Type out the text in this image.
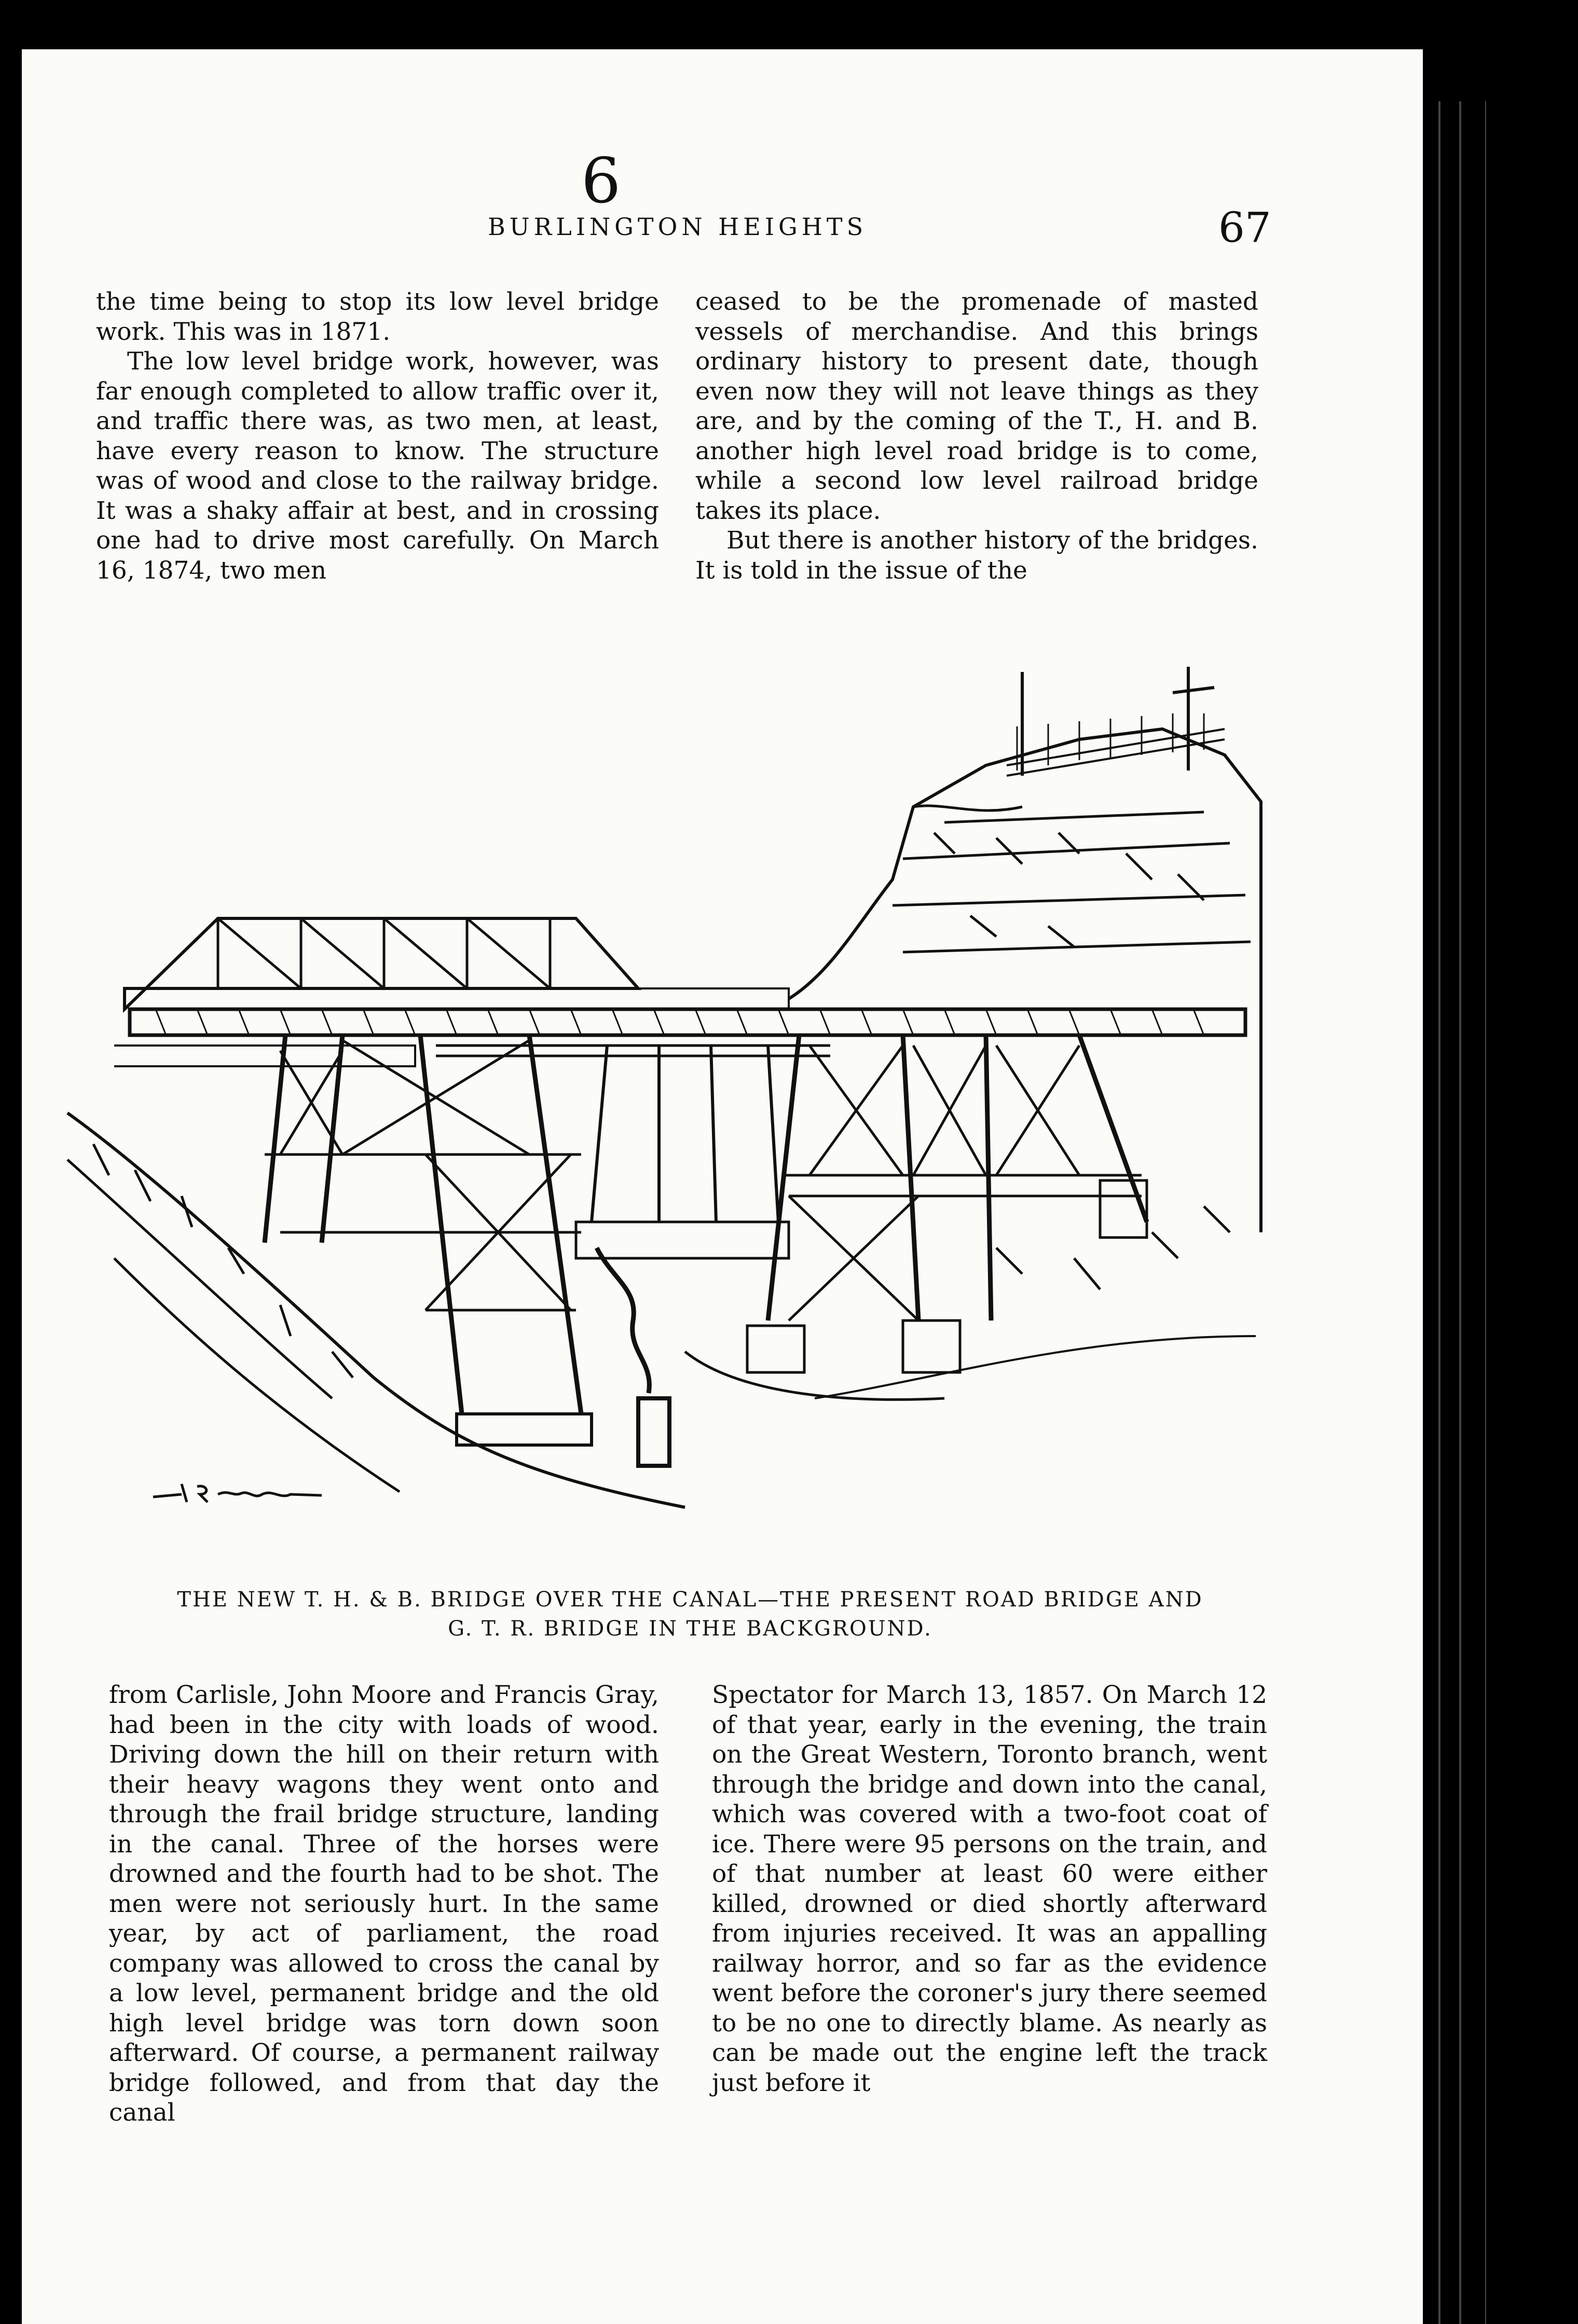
6
BURLINGTON HEIGHTS	67

the time being to stop its low level bridge work. This was in 1871.

The low level bridge work, however, was far enough completed to allow traffic over it, and traffic there was, as two men, at least, have every reason to know. The structure was of wood and close to the railway bridge. It was a shaky affair at best, and in crossing one had to drive most carefully. On March 16, 1874, two men

ceased to be the promenade of masted vessels of merchandise. And this brings ordinary history to present date, though even now they will not leave things as they are, and by the coming of the T., H. and B. another high level road bridge is to come, while a second low level railroad bridge takes its place.

But there is another history of the bridges. It is told in the issue of the

THE NEW T. H. & B. BRIDGE OVER THE CANAL—THE PRESENT ROAD BRIDGE AND
G. T. R. BRIDGE IN THE BACKGROUND.

from Carlisle, John Moore and Francis Gray, had been in the city with loads of wood. Driving down the hill on their return with their heavy wagons they went onto and through the frail bridge structure, landing in the canal. Three of the horses were drowned and the fourth had to be shot. The men were not seriously hurt. In the same year, by act of parliament, the road company was allowed to cross the canal by a low level, permanent bridge and the old high level bridge was torn down soon afterward. Of course, a permanent railway bridge followed, and from that day the canal

Spectator for March 13, 1857. On March 12 of that year, early in the evening, the train on the Great Western, Toronto branch, went through the bridge and down into the canal, which was covered with a two-foot coat of ice. There were 95 persons on the train, and of that number at least 60 were either killed, drowned or died shortly afterward from injuries received. It was an appalling railway horror, and so far as the evidence went before the coroner's jury there seemed to be no one to directly blame. As nearly as can be made out the engine left the track just before it
